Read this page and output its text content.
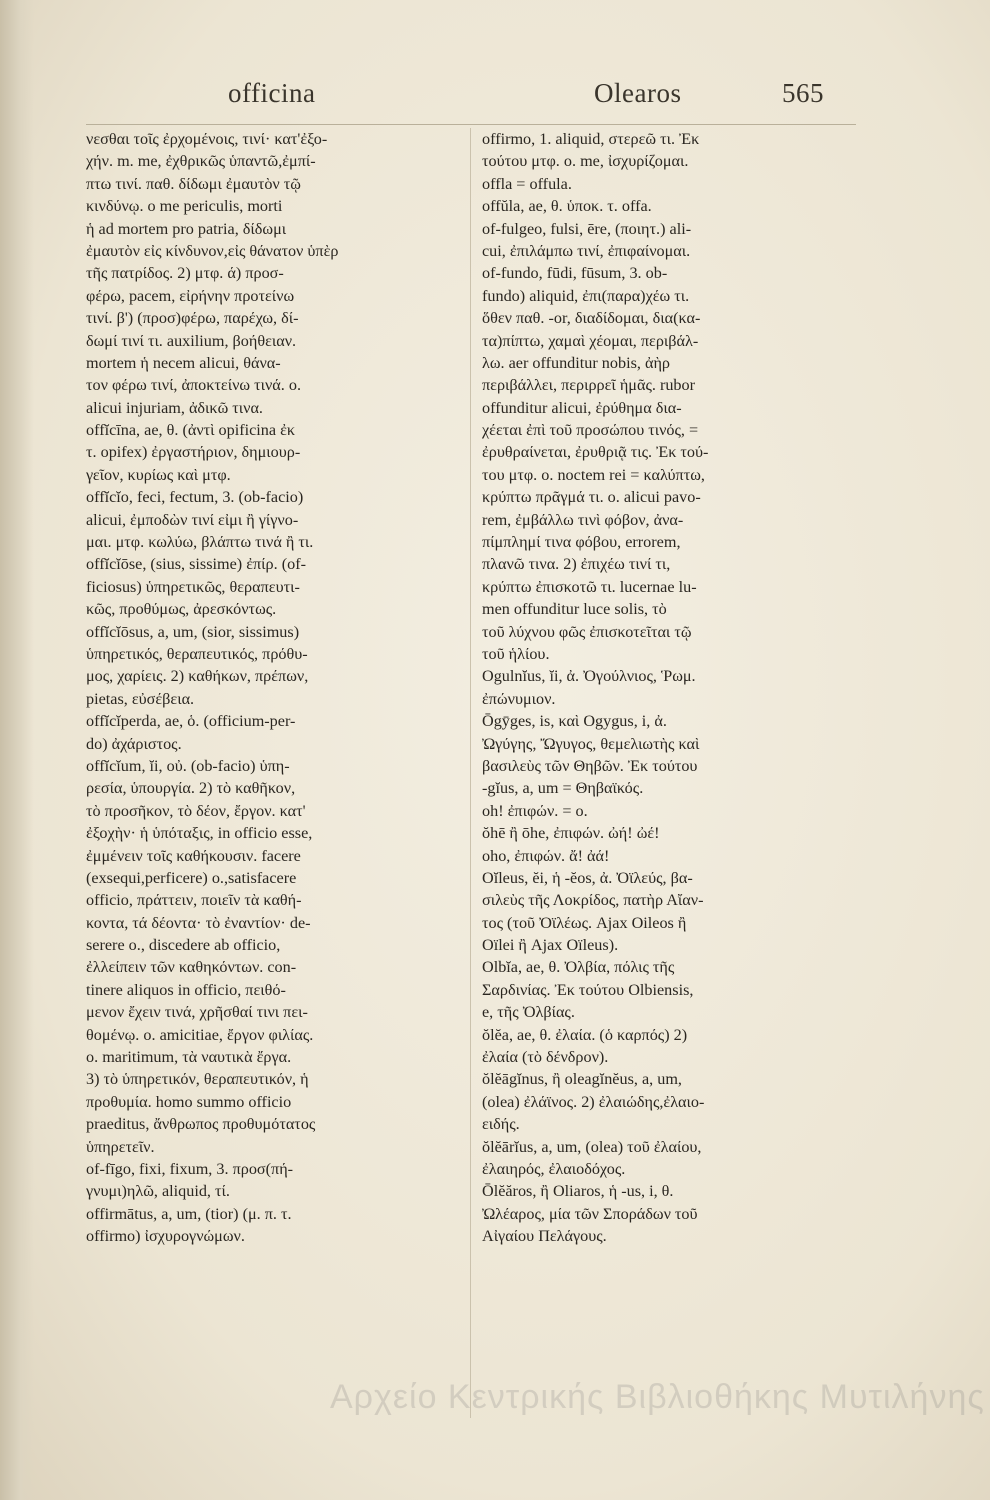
officina	Olearos	565
νεσθαι τοῖς ἐρχομένοις, τινί· κατ'ἐξο-
χήν. m. me, ἐχθρικῶς ὑπαντῶ,ἐμπί-
πτω τινί. παθ. δίδωμι ἐμαυτὸν τῷ
κινδύνῳ. o me periculis, morti
ἡ ad mortem pro patria, δίδωμι
ἐμαυτὸν εἰς κίνδυνον,εἰς θάνατον ὑπὲρ
τῆς πατρίδος. 2) μτφ. ά) προσ-
φέρω, pacem, εἰρήνην προτείνω
τινί. β') (προσ)φέρω, παρέχω, δί-
δωμί τινί τι. auxilium, βοήθειαν.
mortem ἡ necem alicui, θάνα-
τον φέρω τινί, ἀποκτείνω τινά. o.
alicui injuriam, ἀδικῶ τινα.
offĭcīna, ae, θ. (ἀντὶ opificina ἐκ
τ. opifex) ἐργαστήριον, δημιουρ-
γεῖον, κυρίως καὶ μτφ.
offĭcĭo, feci, fectum, 3. (ob-facio)
alicui, ἐμποδὼν τινί εἰμι ἢ γίγνο-
μαι. μτφ. κωλύω, βλάπτω τινά ἢ τι.
offĭcĭōse, (sius, sissime) ἐπίρ. (of-
ficiosus) ὑπηρετικῶς, θεραπευτι-
κῶς, προθύμως, ἀρεσκόντως.
offĭcĭōsus, a, um, (sior, sissimus)
ὑπηρετικός, θεραπευτικός, πρόθυ-
μος, χαρίεις. 2) καθήκων, πρέπων,
pietas, εὐσέβεια.
offĭcĭperda, ae, ὁ. (officium-per-
do) ἀχάριστος.
offĭcĭum, ĭi, οὐ. (ob-facio) ὑπη-
ρεσία, ὑπουργία. 2) τὸ καθῆκον,
τὸ προσῆκον, τὸ δέον, ἔργον. κατ'
ἐξοχὴν· ἡ ὑπόταξις, in officio esse,
ἐμμένειν τοῖς καθήκουσιν. facere
(exsequi,perficere) o.,satisfacere
officio, πράττειν, ποιεῖν τὰ καθή-
κοντα, τά δέοντα· τὸ ἐναντίον· de-
serere o., discedere ab officio,
ἐλλείπειν τῶν καθηκόντων. con-
tinere aliquos in officio, πειθό-
μενον ἔχειν τινά, χρῆσθαί τινι πει-
θομένῳ. o. amicitiae, ἔργον φιλίας.
o. maritimum, τὰ ναυτικὰ ἔργα.
3) τὸ ὑπηρετικόν, θεραπευτικόν, ἡ
προθυμία. homo summo officio
praeditus, ἄνθρωπος προθυμότατος
ὑπηρετεῖν.
of-fīgo, fixi, fixum, 3. προσ(πή-
γνυμι)ηλῶ, aliquid, τί.
offirmātus, a, um, (tior) (μ. π. τ.
offirmo) ἰσχυρογνώμων.
offirmo, 1. aliquid, στερεῶ τι. Ἐκ
τούτου μτφ. o. me, ἰσχυρίζομαι.
offla = offula.
offŭla, ae, θ. ὑποκ. τ. offa.
of-fulgeo, fulsi, ēre, (ποιητ.) ali-
cui, ἐπιλάμπω τινί, ἐπιφαίνομαι.
of-fundo, fūdi, fūsum, 3. ob-
fundo) aliquid, ἐπι(παρα)χέω τι.
ὅθεν παθ. -or, διαδίδομαι, δια(κα-
τα)πίπτω, χαμαὶ χέομαι, περιβάλ-
λω. aer offunditur nobis, ἀὴρ
περιβάλλει, περιρρεῖ ἡμᾶς. rubor
offunditur alicui, ἐρύθημα δια-
χέεται ἐπὶ τοῦ προσώπου τινός, =
ἐρυθραίνεται, ἐρυθριᾷ τις. Ἐκ τού-
του μτφ. o. noctem rei = καλύπτω,
κρύπτω πρᾶγμά τι. o. alicui pavo-
rem, ἐμβάλλω τινὶ φόβον, ἀνα-
πίμπλημί τινα φόβου, errorem,
πλανῶ τινα. 2) ἐπιχέω τινί τι,
κρύπτω ἐπισκοτῶ τι. lucernae lu-
men offunditur luce solis, τὸ
τοῦ λύχνου φῶς ἐπισκοτεῖται τῷ
τοῦ ἡλίου.
Ogulnĭus, ĭi, ἀ. Ὀγούλνιος, Ῥωμ.
ἐπώνυμιον.
Ōgȳges, is, καὶ Ogygus, i, ἀ.
Ὠγύγης, Ὤγυγος, θεμελιωτὴς καὶ
βασιλεὺς τῶν Θηβῶν. Ἐκ τούτου
-gĭus, a, um = Θηβαϊκός.
oh! ἐπιφών. = o.
ŏhē ἢ ōhe, ἐπιφών. ὠή! ὠέ!
oho, ἐπιφών. ἄ! ἀά!
Oĭleus, ĕi, ἡ -ĕos, ἀ. Ὀϊλεύς, βα-
σιλεὺς τῆς Λοκρίδος, πατὴρ Αἴαν-
τος (τοῦ Ὀϊλέως. Ajax Oileos ἢ
Oïlei ἢ Ajax Oïleus).
Olbĭa, ae, θ. Ὀλβία, πόλις τῆς
Σαρδινίας. Ἐκ τούτου Olbiensis,
e, τῆς Ὀλβίας.
ŏlĕa, ae, θ. ἐλαία. (ὁ καρπός) 2)
ἐλαία (τὸ δένδρον).
ŏlĕāgĭnus, ἢ oleagĭnĕus, a, um,
(olea) ἐλάϊνος. 2) ἐλαιώδης,ἐλαιο-
ειδής.
ŏlĕārĭus, a, um, (olea) τοῦ ἐλαίου,
ἐλαιηρός, ἐλαιοδόχος.
Ōlĕăros, ἢ Oliaros, ἡ -us, i, θ.
Ὠλέαρος, μία τῶν Σποράδων τοῦ
Αἰγαίου Πελάγους.
Αρχείο Κεντρικής Βιβλιοθήκης Μυτιλήνης
